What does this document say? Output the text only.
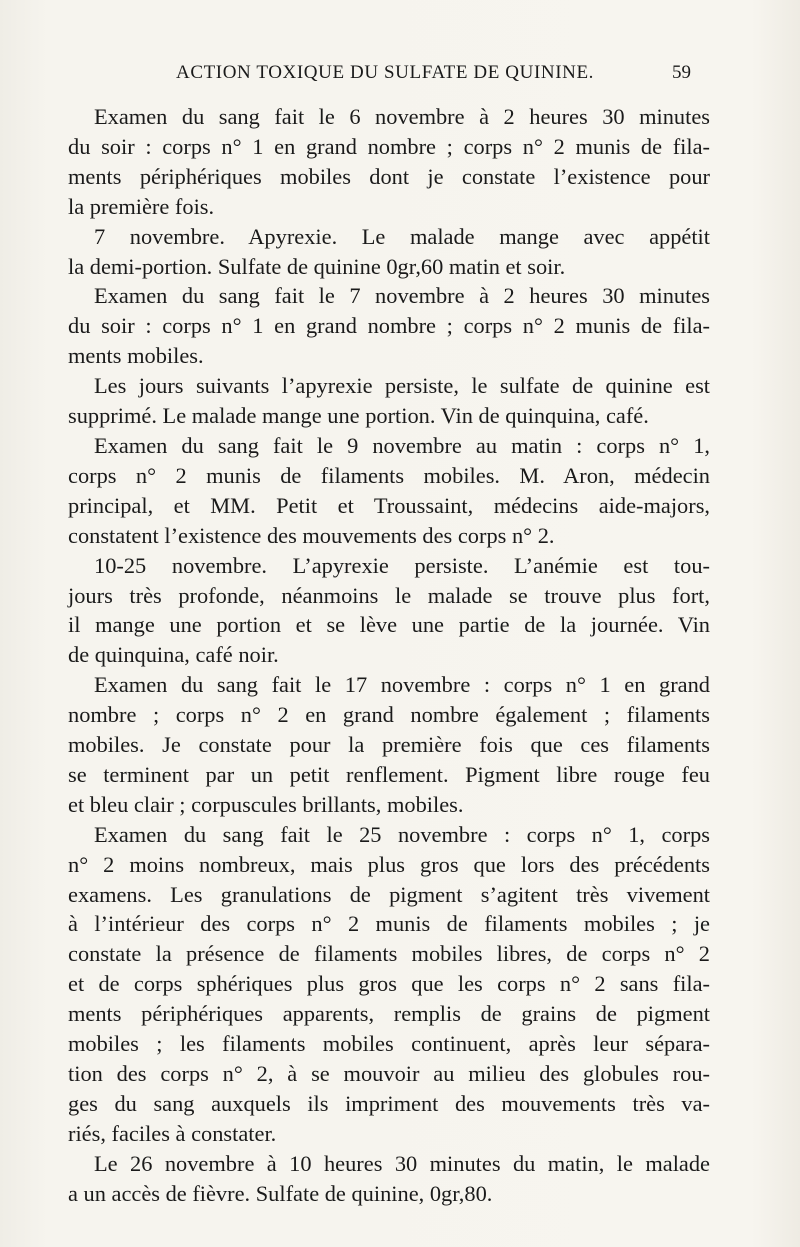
ACTION TOXIQUE DU SULFATE DE QUININE.	59
Examen du sang fait le 6 novembre à 2 heures 30 minutes
du soir : corps n° 1 en grand nombre ; corps n° 2 munis de fila-
ments périphériques mobiles dont je constate l’existence pour
la première fois.
7 novembre. Apyrexie. Le malade mange avec appétit
la demi-portion. Sulfate de quinine 0gr,60 matin et soir.
Examen du sang fait le 7 novembre à 2 heures 30 minutes
du soir : corps n° 1 en grand nombre ; corps n° 2 munis de fila-
ments mobiles.
Les jours suivants l’apyrexie persiste, le sulfate de quinine est
supprimé. Le malade mange une portion. Vin de quinquina, café.
Examen du sang fait le 9 novembre au matin : corps n° 1,
corps n° 2 munis de filaments mobiles. M. Aron, médecin
principal, et MM. Petit et Troussaint, médecins aide-majors,
constatent l’existence des mouvements des corps n° 2.
10-25 novembre. L’apyrexie persiste. L’anémie est tou-
jours très profonde, néanmoins le malade se trouve plus fort,
il mange une portion et se lève une partie de la journée. Vin
de quinquina, café noir.
Examen du sang fait le 17 novembre : corps n° 1 en grand
nombre ; corps n° 2 en grand nombre également ; filaments
mobiles. Je constate pour la première fois que ces filaments
se terminent par un petit renflement. Pigment libre rouge feu
et bleu clair ; corpuscules brillants, mobiles.
Examen du sang fait le 25 novembre : corps n° 1, corps
n° 2 moins nombreux, mais plus gros que lors des précédents
examens. Les granulations de pigment s’agitent très vivement
à l’intérieur des corps n° 2 munis de filaments mobiles ; je
constate la présence de filaments mobiles libres, de corps n° 2
et de corps sphériques plus gros que les corps n° 2 sans fila-
ments périphériques apparents, remplis de grains de pigment
mobiles ; les filaments mobiles continuent, après leur sépara-
tion des corps n° 2, à se mouvoir au milieu des globules rou-
ges du sang auxquels ils impriment des mouvements très va-
riés, faciles à constater.
Le 26 novembre à 10 heures 30 minutes du matin, le malade
a un accès de fièvre. Sulfate de quinine, 0gr,80.
